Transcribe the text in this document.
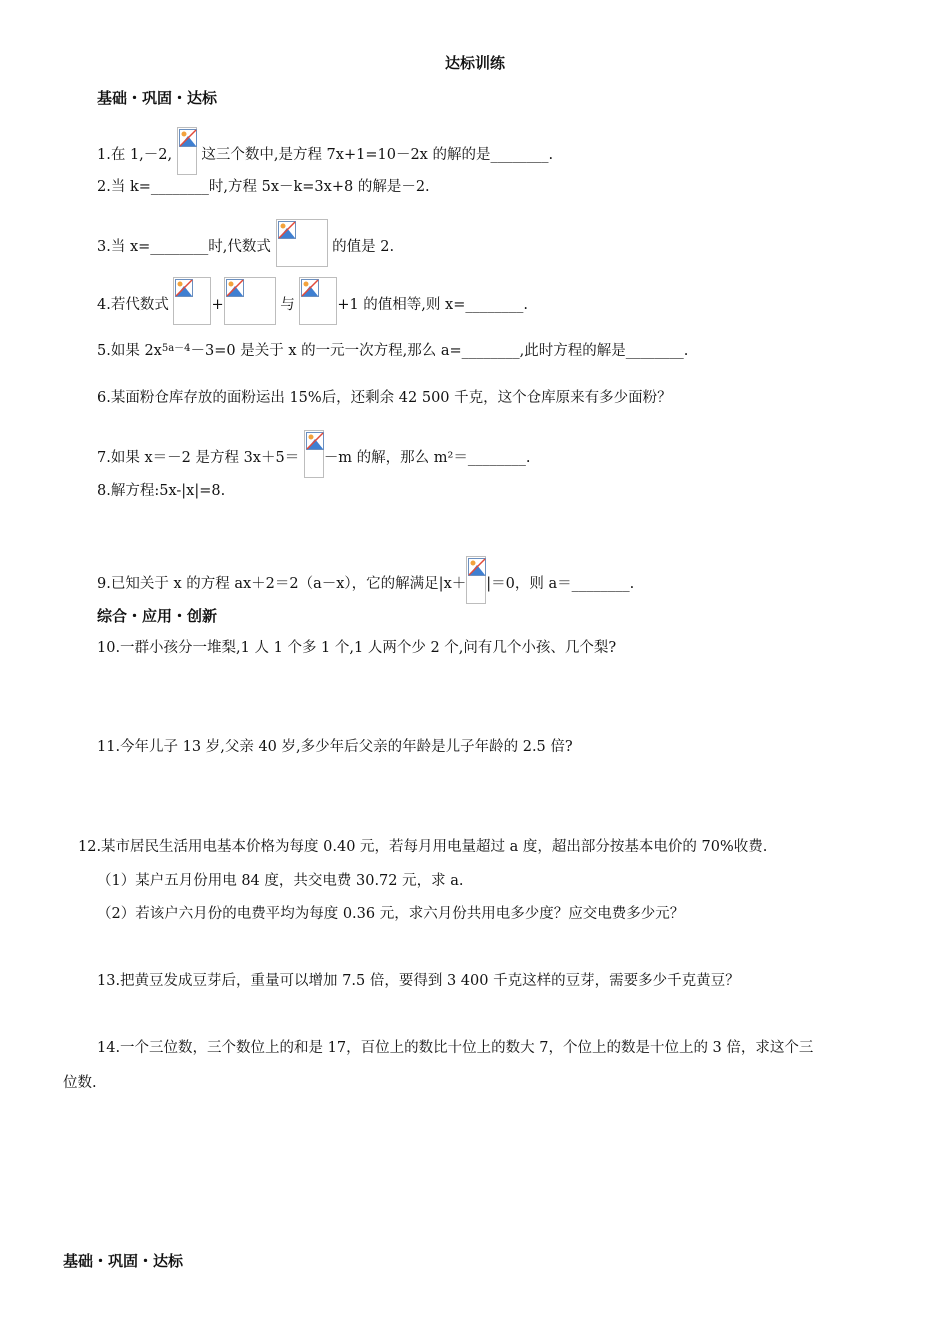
达标训练
基础・巩固・达标
1.在 1,－2, 这三个数中,是方程 7x+1=10－2x 的解的是________.
2.当 k=________时,方程 5x－k=3x+8 的解是－2.
3.当 x=________时,代数式	的值是 2.
4.若代数式	+	与	+1 的值相等,则 x=________.
5.如果 $2x^{5a-4}-3=0$ 是关于 x 的一元一次方程,那么 a=________,此时方程的解是________.
6.某面粉仓库存放的面粉运出 15%后，还剩余 42 500 千克，这个仓库原来有多少面粉？
7.如果 x＝－2 是方程 3x＋5＝ －m 的解，那么 m²＝________.
8.解方程:5x-|x|=8.
9.已知关于 x 的方程 ax＋2＝2（a－x），它的解满足|x＋ |＝0，则 a＝________.
综合・应用・创新
10.一群小孩分一堆梨,1 人 1 个多 1 个,1 人两个少 2 个,问有几个小孩、几个梨?
11.今年儿子 13 岁,父亲 40 岁,多少年后父亲的年龄是儿子年龄的 2.5 倍?
12.某市居民生活用电基本价格为每度 0.40 元，若每月用电量超过 a 度，超出部分按基本电价的 70%收费.
（1）某户五月份用电 84 度，共交电费 30.72 元，求 a.
（2）若该户六月份的电费平均为每度 0.36 元，求六月份共用电多少度？应交电费多少元？
13.把黄豆发成豆芽后，重量可以增加 7.5 倍，要得到 3 400 千克这样的豆芽，需要多少千克黄豆？
14.一个三位数，三个数位上的和是 17，百位上的数比十位上的数大 7，个位上的数是十位上的 3 倍，求这个三
位数.
基础・巩固・达标
